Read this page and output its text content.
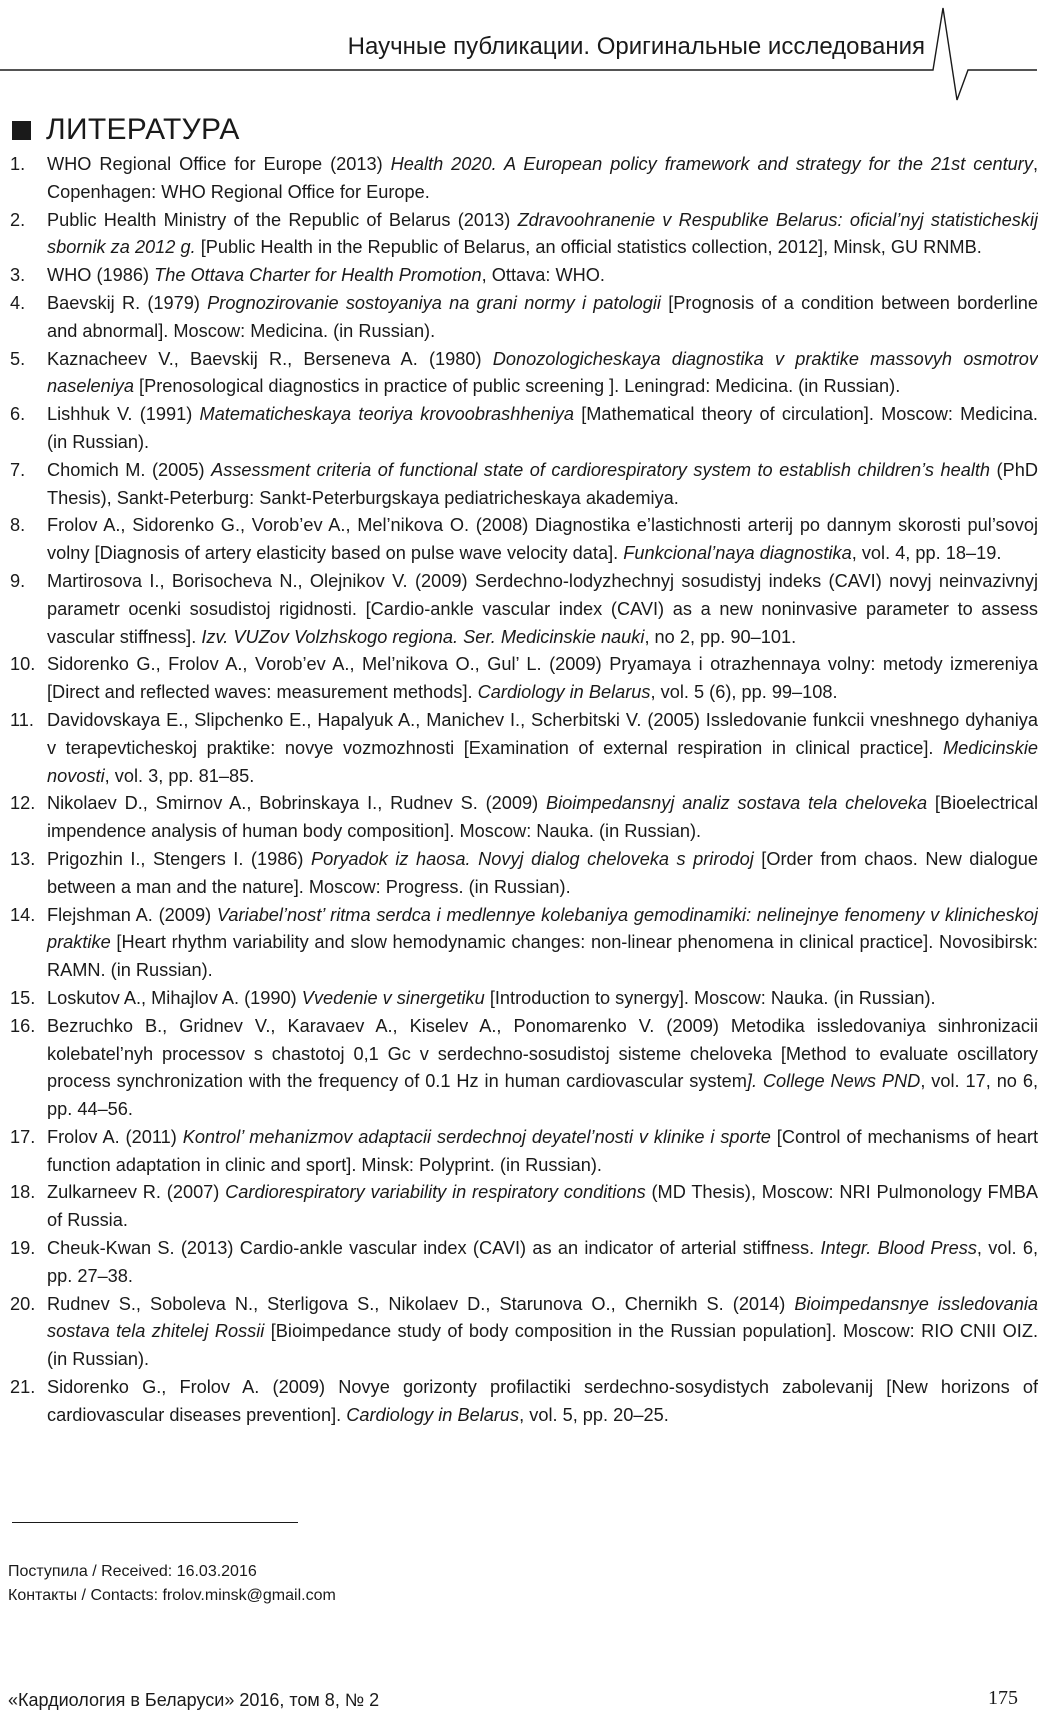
Научные публикации. Оригинальные исследования
ЛИТЕРАТУРА
1.	WHO Regional Office for Europe (2013) Health 2020. A European policy framework and strategy for the 21st century, Copenhagen: WHO Regional Office for Europe.
2.	Public Health Ministry of the Republic of Belarus (2013) Zdravoohranenie v Respublike Belarus: oficial’nyj statisticheskij sbornik za 2012 g. [Public Health in the Republic of Belarus, an official statistics collection, 2012], Minsk, GU RNMB.
3.	WHO (1986) The Ottava Charter for Health Promotion, Ottava: WHO.
4.	Baevskij R. (1979) Prognozirovanie sostoyaniya na grani normy i patologii [Prognosis of a condition between borderline and abnormal]. Moscow: Medicina. (in Russian).
5.	Kaznacheev V., Baevskij R., Berseneva A. (1980) Donozologicheskaya diagnostika v praktike massovyh osmotrov naseleniya [Prenosological diagnostics in practice of public screening ]. Leningrad: Medicina. (in Russian).
6.	Lishhuk V. (1991) Matematicheskaya teoriya krovoobrashheniya [Mathematical theory of circulation]. Moscow: Medicina. (in Russian).
7.	Chomich M. (2005) Assessment criteria of functional state of cardiorespiratory system to establish children’s health (PhD Thesis), Sankt-Peterburg: Sankt-Peterburgskaya pediatricheskaya akademiya.
8.	Frolov A., Sidorenko G., Vorob’ev A., Mel’nikova O. (2008) Diagnostika e’lastichnosti arterij po dannym skorosti pul’sovoj volny [Diagnosis of artery elasticity based on pulse wave velocity data]. Funkcional’naya diagnostika, vol. 4, pp. 18–19.
9.	Martirosova I., Borisocheva N., Olejnikov V. (2009) Serdechno-lodyzhechnyj sosudistyj indeks (CAVI) novyj neinvazivnyj parametr ocenki sosudistoj rigidnosti. [Cardio-ankle vascular index (CAVI) as a new noninvasive parameter to assess vascular stiffness]. Izv. VUZov Volzhskogo regiona. Ser. Medicinskie nauki, no 2, pp. 90–101.
10. Sidorenko G., Frolov A., Vorob’ev A., Mel’nikova O., Gul’ L. (2009) Pryamaya i otrazhennaya volny: metody izmereniya [Direct and reflected waves: measurement methods]. Cardiology in Belarus, vol. 5 (6), pp. 99–108.
11. Davidovskaya E., Slipchenko E., Hapalyuk A., Manichev I., Scherbitski V. (2005) Issledovanie funkcii vneshnego dyhaniya v terapevticheskoj praktike: novye vozmozhnosti [Examination of external respiration in clinical practice]. Medicinskie novosti, vol. 3, pp. 81–85.
12. Nikolaev D., Smirnov A., Bobrinskaya I., Rudnev S. (2009) Bioimpedansnyj analiz sostava tela cheloveka [Bioelectrical impendence analysis of human body composition]. Moscow: Nauka. (in Russian).
13. Prigozhin I., Stengers I. (1986) Poryadok iz haosa. Novyj dialog cheloveka s prirodoj [Order from chaos. New dialogue between a man and the nature]. Moscow: Progress. (in Russian).
14. Flejshman A. (2009) Variabel’nost’ ritma serdca i medlennye kolebaniya gemodinamiki: nelinejnye fenomeny v klinicheskoj praktike [Heart rhythm variability and slow hemodynamic changes: non-linear phenomena in clinical practice]. Novosibirsk: RAMN. (in Russian).
15. Loskutov A., Mihajlov A. (1990) Vvedenie v sinergetiku [Introduction to synergy]. Moscow: Nauka. (in Russian).
16. Bezruchko B., Gridnev V., Karavaev A., Kiselev A., Ponomarenko V. (2009) Metodika issledovaniya sinhronizacii kolebatel’nyh processov s chastotoj 0,1 Gc v serdechno-sosudistoj sisteme cheloveka [Method to evaluate oscillatory process synchronization with the frequency of 0.1 Hz in human cardiovascular system]. College News PND, vol. 17, no 6, pp. 44–56.
17. Frolov A. (2011) Kontrol’ mehanizmov adaptacii serdechnoj deyatel’nosti v klinike i sporte [Control of mechanisms of heart function adaptation in clinic and sport]. Minsk: Polyprint. (in Russian).
18. Zulkarneev R. (2007) Cardiorespiratory variability in respiratory conditions (MD Thesis), Moscow: NRI Pulmonology FMBA of Russia.
19. Cheuk-Kwan S. (2013) Cardio-ankle vascular index (CAVI) as an indicator of arterial stiffness. Integr. Blood Press, vol. 6, pp. 27–38.
20. Rudnev S., Soboleva N., Sterligova S., Nikolaev D., Starunova O., Chernikh S. (2014) Bioimpedansnye issledovania sostava tela zhitelej Rossii [Bioimpedance study of body composition in the Russian population]. Moscow: RIO CNII OIZ. (in Russian).
21. Sidorenko G., Frolov A. (2009) Novye gorizonty profilactiki serdechno-sosydistych zabolevanij [New horizons of cardiovascular diseases prevention]. Cardiology in Belarus, vol. 5, pp. 20–25.
Поступила / Received: 16.03.2016
Контакты / Contacts: frolov.minsk@gmail.com
«Кардиология в Беларуси» 2016, том 8, № 2	175
